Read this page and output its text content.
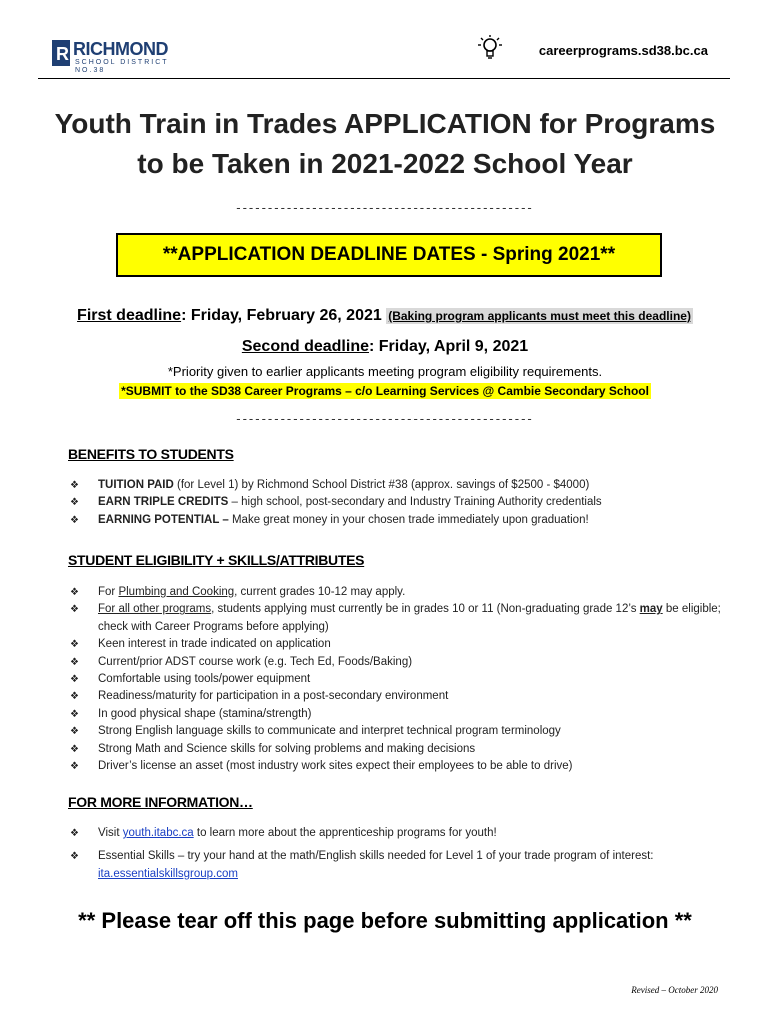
R RICHMOND
SCHOOL DISTRICT NO.38
careerprograms.sd38.bc.ca
Youth Train in Trades APPLICATION for Programs
to be Taken in 2021-2022 School Year
-----------------------------------------------
**APPLICATION DEADLINE DATES - Spring 2021**
First deadline: Friday, February 26, 2021 (Baking program applicants must meet this deadline)
Second deadline: Friday, April 9, 2021
*Priority given to earlier applicants meeting program eligibility requirements.
*SUBMIT to the SD38 Career Programs – c/o Learning Services @ Cambie Secondary School
-----------------------------------------------
BENEFITS TO STUDENTS
❖ TUITION PAID (for Level 1) by Richmond School District #38 (approx. savings of $2500 - $4000)
❖ EARN TRIPLE CREDITS – high school, post-secondary and Industry Training Authority credentials
❖ EARNING POTENTIAL – Make great money in your chosen trade immediately upon graduation!
STUDENT ELIGIBILITY + SKILLS/ATTRIBUTES
❖ For Plumbing and Cooking, current grades 10-12 may apply.
❖ For all other programs, students applying must currently be in grades 10 or 11 (Non-graduating grade 12’s may be eligible; check with Career Programs before applying)
❖ Keen interest in trade indicated on application
❖ Current/prior ADST course work (e.g. Tech Ed, Foods/Baking)
❖ Comfortable using tools/power equipment
❖ Readiness/maturity for participation in a post-secondary environment
❖ In good physical shape (stamina/strength)
❖ Strong English language skills to communicate and interpret technical program terminology
❖ Strong Math and Science skills for solving problems and making decisions
❖ Driver’s license an asset (most industry work sites expect their employees to be able to drive)
FOR MORE INFORMATION…
❖ Visit youth.itabc.ca to learn more about the apprenticeship programs for youth!
❖ Essential Skills – try your hand at the math/English skills needed for Level 1 of your trade program of interest: ita.essentialskillsgroup.com
** Please tear off this page before submitting application **
Revised – October 2020
